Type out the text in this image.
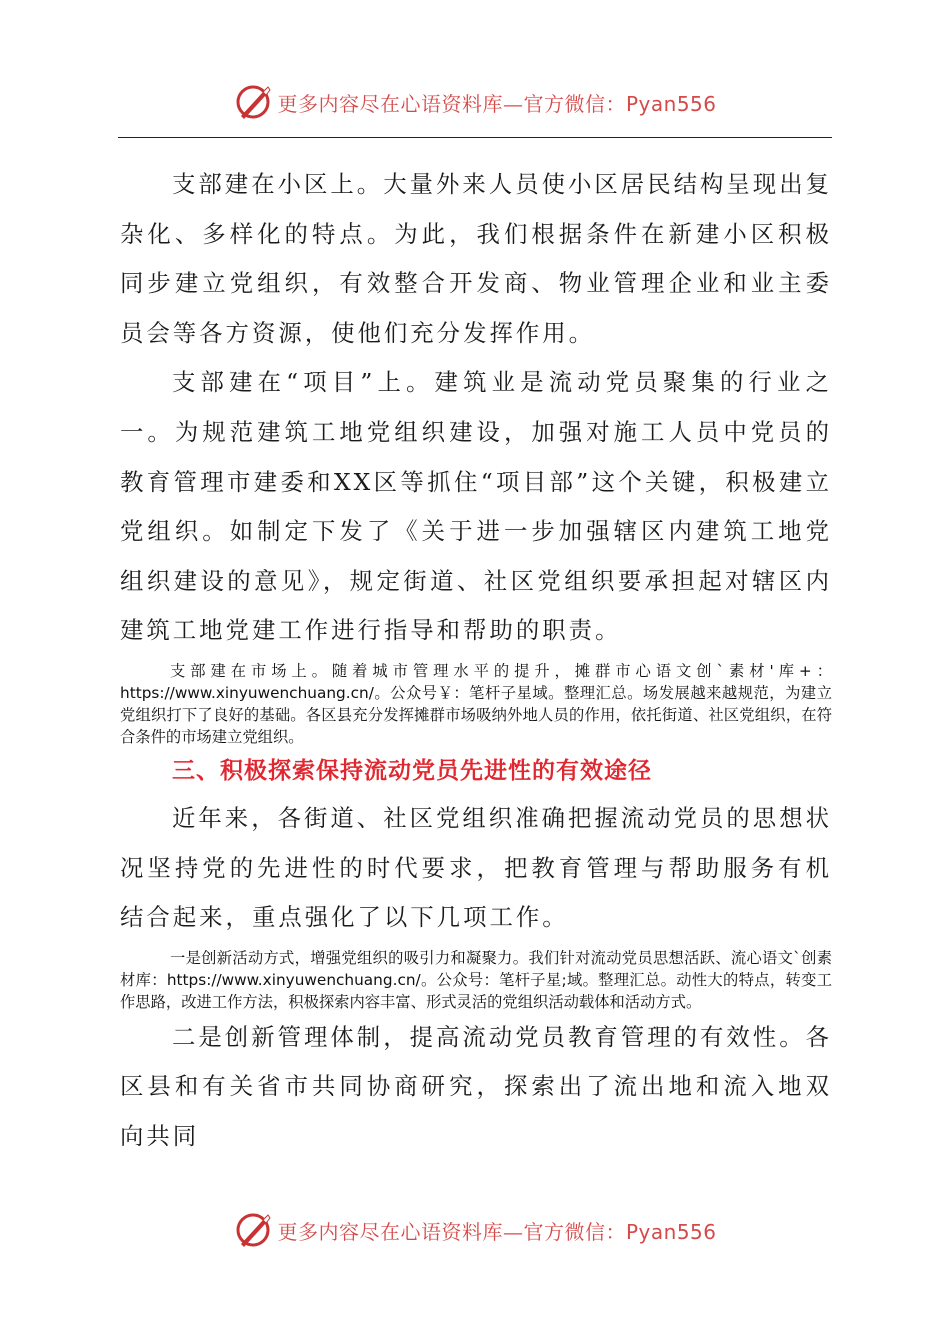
更多内容尽在心语资料库—官方微信：Pyan556

支部建在小区上。大量外来人员使小区居民结构呈现出复杂化、多样化的特点。为此，我们根据条件在新建小区积极同步建立党组织，有效整合开发商、物业管理企业和业主委员会等各方资源，使他们充分发挥作用。

支部建在“项目”上。建筑业是流动党员聚集的行业之一。为规范建筑工地党组织建设，加强对施工人员中党员的教育管理市建委和XX区等抓住“项目部”这个关键，积极建立党组织。如制定下发了《关于进一步加强辖区内建筑工地党组织建设的意见》，规定街道、社区党组织要承担起对辖区内建筑工地党建工作进行指导和帮助的职责。

支部建在市场上。随着城市管理水平的提升，摊群市心语文创`素材'库+：https://www.xinyuwenchuang.cn/。公众号￥：笔杆子星域。整理汇总。场发展越来越规范，为建立党组织打下了良好的基础。各区县充分发挥摊群市场吸纳外地人员的作用，依托街道、社区党组织，在符合条件的市场建立党组织。

三、积极探索保持流动党员先进性的有效途径

近年来，各街道、社区党组织准确把握流动党员的思想状况坚持党的先进性的时代要求，把教育管理与帮助服务有机结合起来，重点强化了以下几项工作。

一是创新活动方式，增强党组织的吸引力和凝聚力。我们针对流动党员思想活跃、流心语文`创素材库：https://www.xinyuwenchuang.cn/。公众号：笔杆子星;域。整理汇总。动性大的特点，转变工作思路，改进工作方法，积极探索内容丰富、形式灵活的党组织活动载体和活动方式。

二是创新管理体制，提高流动党员教育管理的有效性。各区县和有关省市共同协商研究，探索出了流出地和流入地双向共同

更多内容尽在心语资料库—官方微信：Pyan556
